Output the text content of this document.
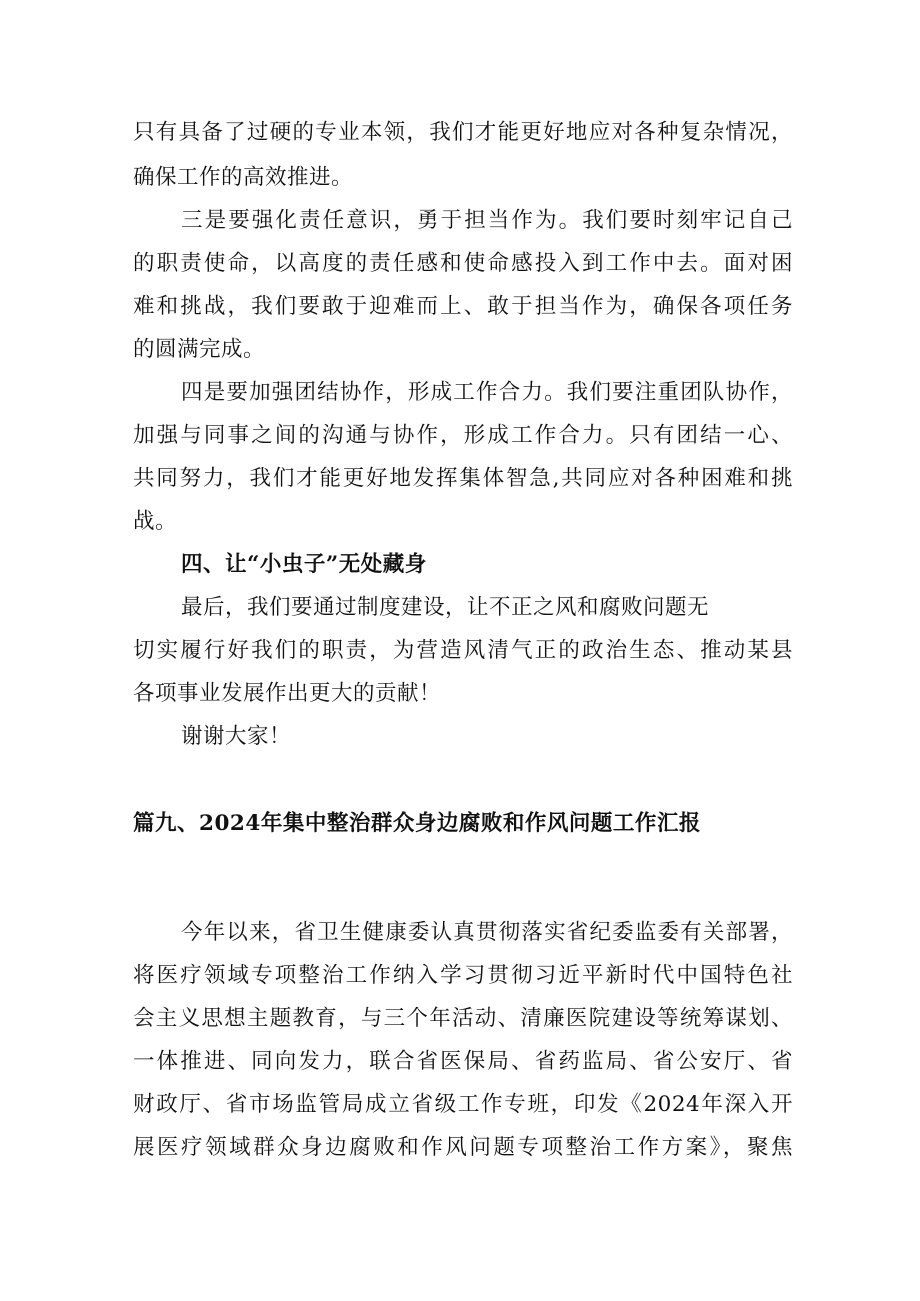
只有具备了过硬的专业本领，我们才能更好地应对各种复杂情况，
确保工作的高效推进。
三是要强化责任意识，勇于担当作为。我们要时刻牢记自己
的职责使命，以高度的责任感和使命感投入到工作中去。面对困
难和挑战，我们要敢于迎难而上、敢于担当作为，确保各项任务
的圆满完成。
四是要加强团结协作，形成工作合力。我们要注重团队协作，
加强与同事之间的沟通与协作，形成工作合力。只有团结一心、
共同努力，我们才能更好地发挥集体智急,共同应对各种困难和挑
战。
四、让“小虫子”无处藏身
最后，我们要通过制度建设，让不正之风和腐败问题无
切实履行好我们的职责，为营造风清气正的政治生态、推动某县
各项事业发展作出更大的贡献！
谢谢大家！
篇九、2024年集中整治群众身边腐败和作风问题工作汇报
今年以来，省卫生健康委认真贯彻落实省纪委监委有关部署，
将医疗领域专项整治工作纳入学习贯彻习近平新时代中国特色社
会主义思想主题教育，与三个年活动、清廉医院建设等统筹谋划、
一体推进、同向发力，联合省医保局、省药监局、省公安厅、省
财政厅、省市场监管局成立省级工作专班，印发《2024年深入开
展医疗领域群众身边腐败和作风问题专项整治工作方案》，聚焦
